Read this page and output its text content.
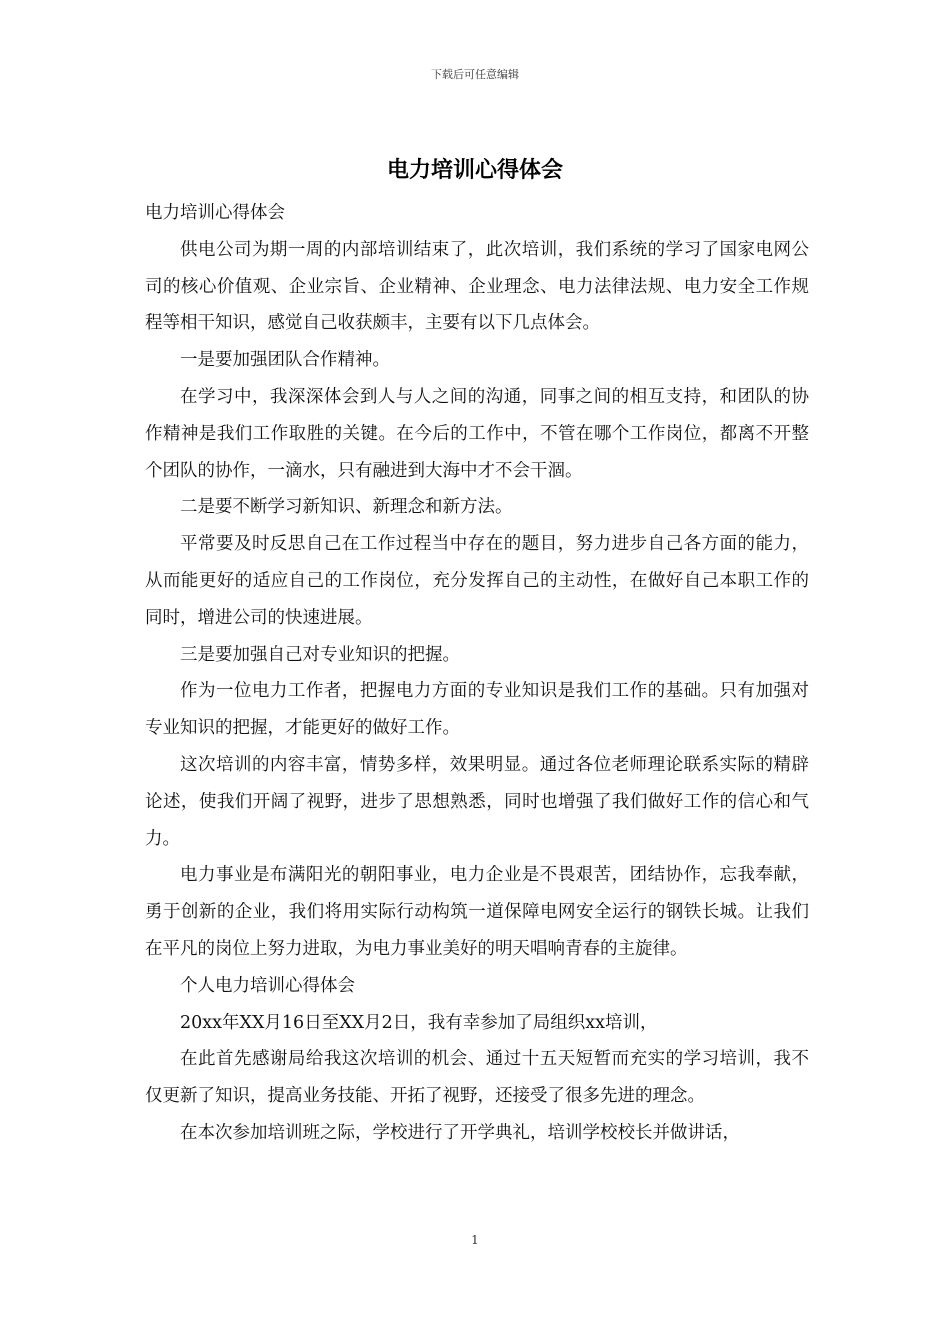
下载后可任意编辑
电力培训心得体会

电力培训心得体会

供电公司为期一周的内部培训结束了，此次培训，我们系统的学习了国家电网公司的核心价值观、企业宗旨、企业精神、企业理念、电力法律法规、电力安全工作规程等相干知识，感觉自己收获颇丰，主要有以下几点体会。

一是要加强团队合作精神。

在学习中，我深深体会到人与人之间的沟通，同事之间的相互支持，和团队的协作精神是我们工作取胜的关键。在今后的工作中，不管在哪个工作岗位，都离不开整个团队的协作，一滴水，只有融进到大海中才不会干涸。

二是要不断学习新知识、新理念和新方法。

平常要及时反思自己在工作过程当中存在的题目，努力进步自己各方面的能力，从而能更好的适应自己的工作岗位，充分发挥自己的主动性，在做好自己本职工作的同时，增进公司的快速进展。

三是要加强自己对专业知识的把握。

作为一位电力工作者，把握电力方面的专业知识是我们工作的基础。只有加强对专业知识的把握，才能更好的做好工作。

这次培训的内容丰富，情势多样，效果明显。通过各位老师理论联系实际的精辟论述，使我们开阔了视野，进步了思想熟悉，同时也增强了我们做好工作的信心和气力。

电力事业是布满阳光的朝阳事业，电力企业是不畏艰苦，团结协作，忘我奉献，勇于创新的企业，我们将用实际行动构筑一道保障电网安全运行的钢铁长城。让我们在平凡的岗位上努力进取，为电力事业美好的明天唱响青春的主旋律。

个人电力培训心得体会

20xx年XX月16日至XX月2日，我有幸参加了局组织xx培训，

在此首先感谢局给我这次培训的机会、通过十五天短暂而充实的学习培训，我不仅更新了知识，提高业务技能、开拓了视野，还接受了很多先进的理念。

在本次参加培训班之际，学校进行了开学典礼，培训学校校长并做讲话，

1
